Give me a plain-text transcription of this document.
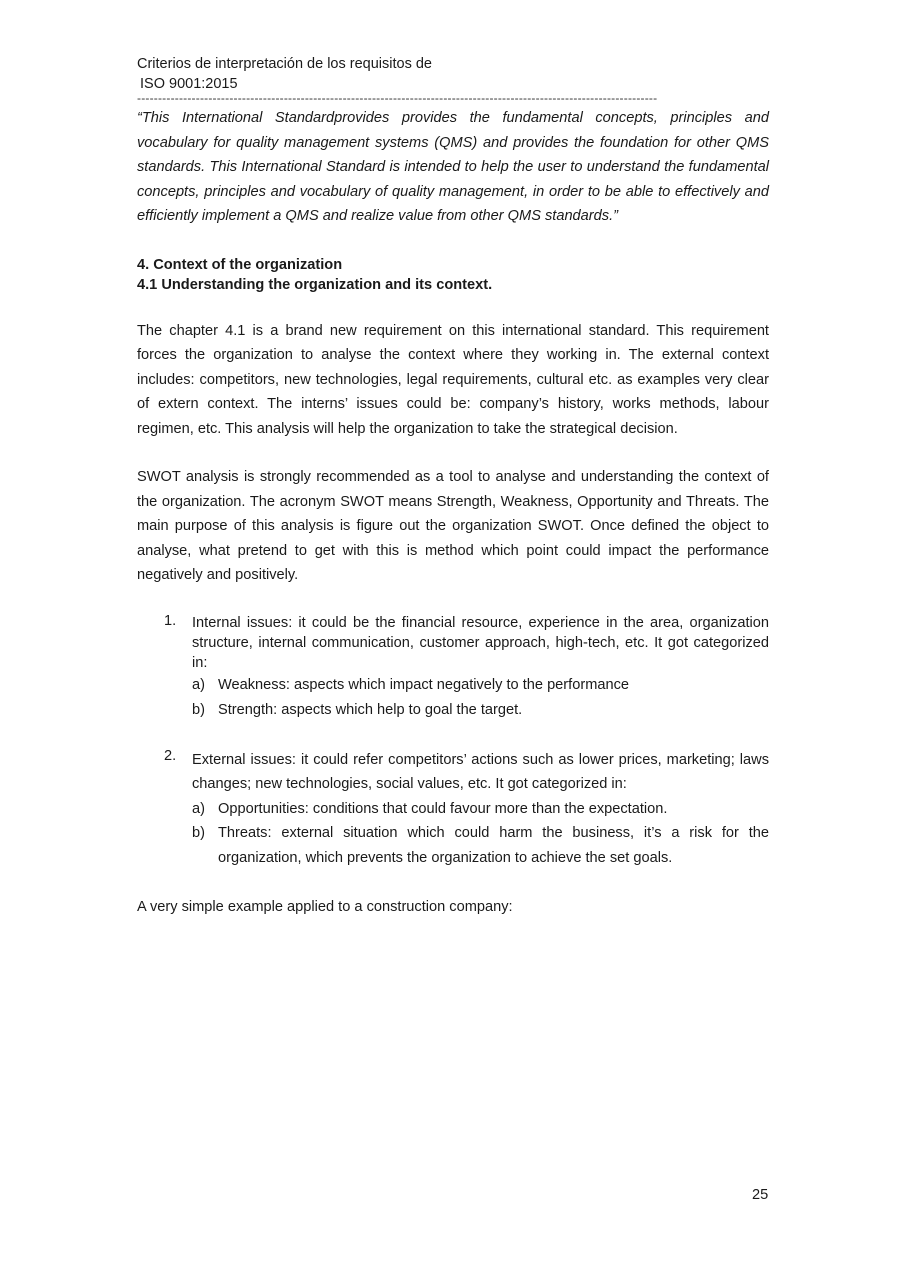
Criterios de interpretación de los requisitos de

ISO 9001:2015

----------------------------------------------------------------------------------------------------------------------------

“This International Standardprovides provides the fundamental concepts, principles and vocabulary for quality management systems (QMS) and provides the foundation for other QMS standards. This International Standard is intended to help the user to understand the fundamental concepts, principles and vocabulary of quality management, in order to be able to effectively and efficiently implement a QMS and realize value from other QMS standards.”

4. Context of the organization

4.1 Understanding the organization and its context.

The chapter 4.1 is a brand new requirement on this international standard. This requirement forces the organization to analyse the context where they working in. The external context includes: competitors, new technologies, legal requirements, cultural etc. as examples very clear of extern context. The interns’ issues could be: company’s history, works methods, labour regimen, etc. This analysis will help the organization to take the strategical decision.

SWOT analysis is strongly recommended as a tool to analyse and understanding the context of the organization. The acronym SWOT means Strength, Weakness, Opportunity and Threats. The main purpose of this analysis is figure out the organization SWOT. Once defined the object to analyse, what pretend to get with this is method which point could impact the performance negatively and positively.

1. Internal issues: it could be the financial resource, experience in the area, organization structure, internal communication, customer approach, high-tech, etc. It got categorized in:
a) Weakness: aspects which impact negatively to the performance
b) Strength: aspects which help to goal the target.
2. External issues: it could refer competitors’ actions such as lower prices, marketing; laws changes; new technologies, social values, etc. It got categorized in:
a) Opportunities: conditions that could favour more than the expectation.
b) Threats: external situation which could harm the business, it’s a risk for the organization, which prevents the organization to achieve the set goals.

A very simple example applied to a construction company:

25
